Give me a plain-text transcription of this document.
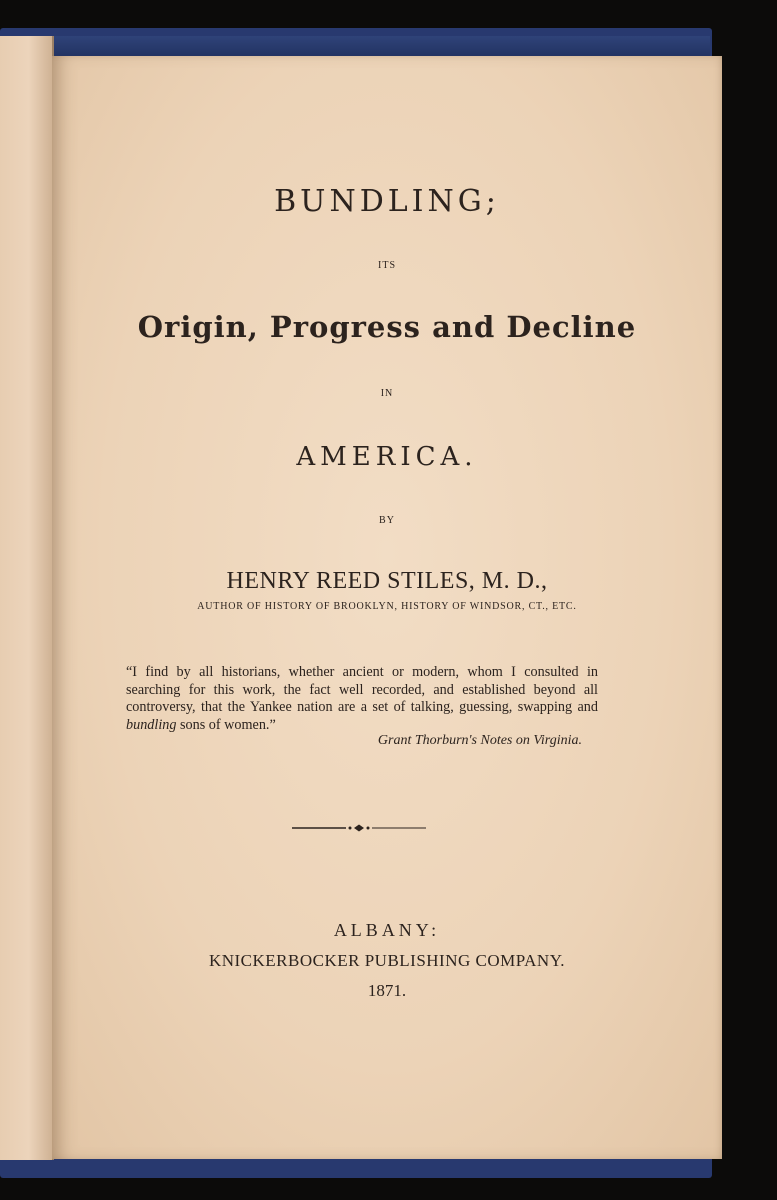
BUNDLING;
ITS
Origin, Progress and Decline
IN
AMERICA.
BY
HENRY REED STILES, M. D.,
AUTHOR OF HISTORY OF BROOKLYN, HISTORY OF WINDSOR, CT., ETC.
“I find by all historians, whether ancient or modern, whom I consulted in searching for this work, the fact well recorded, and established beyond all controversy, that the Yankee nation are a set of talking, guessing, swapping and bundling sons of women.”
Grant Thorburn's Notes on Virginia.
ALBANY:
KNICKERBOCKER PUBLISHING COMPANY.
1871.
